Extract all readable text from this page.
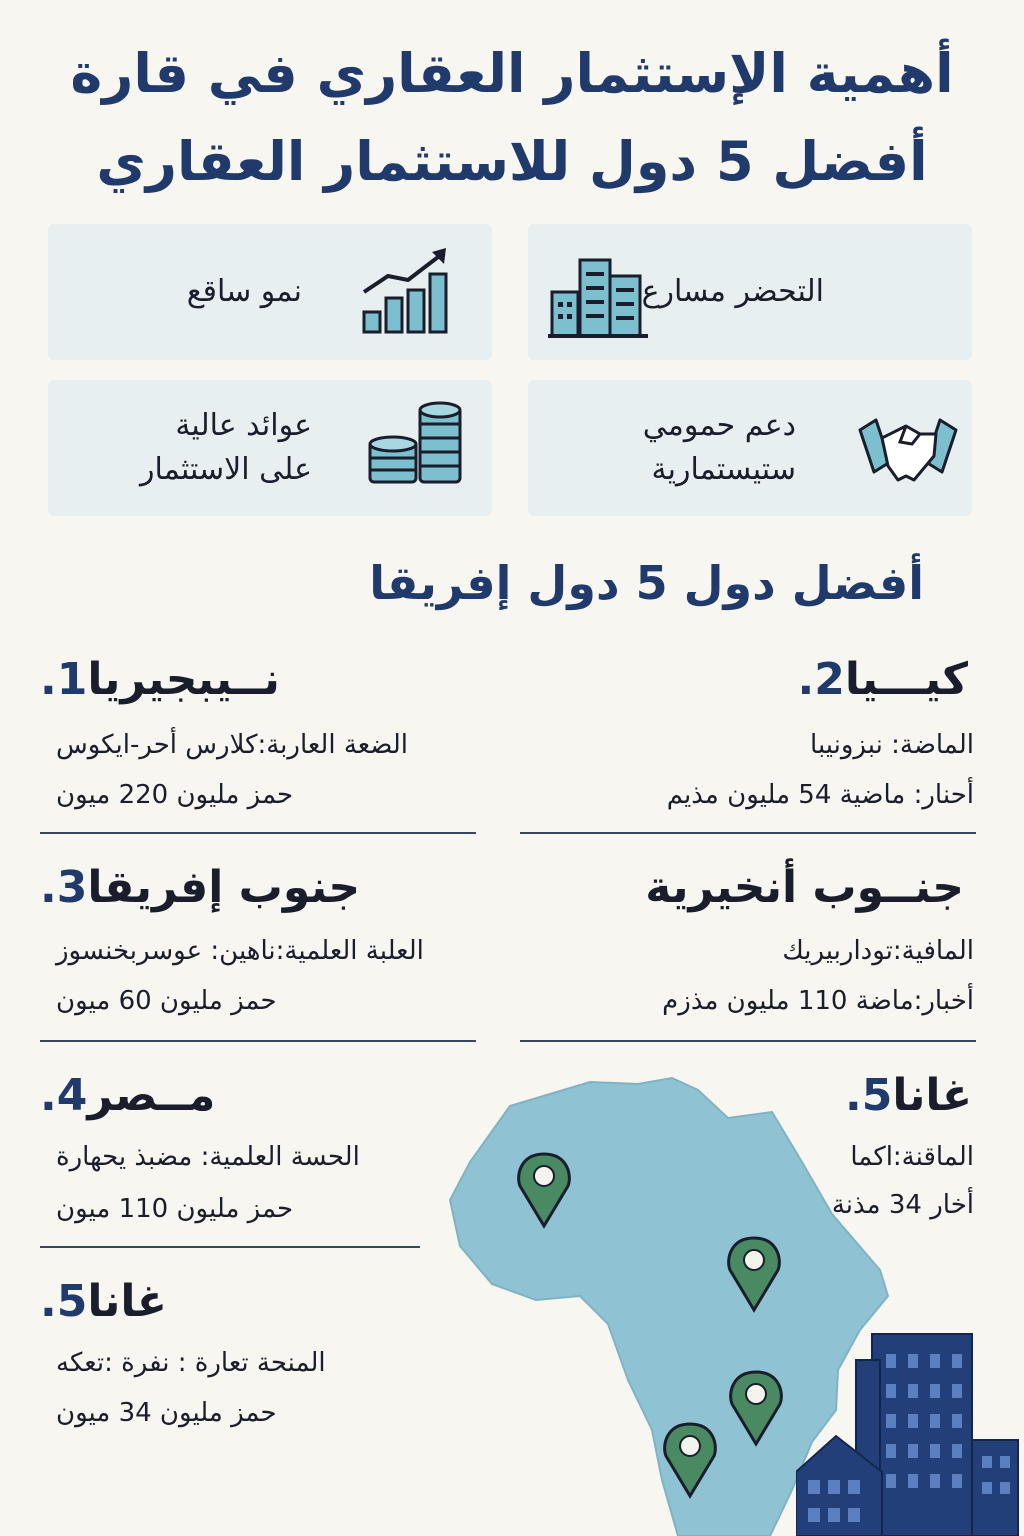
أهمية الإستثمار العقاري في قارة
أفضل 5 دول للاستثمار العقاري
التحضر مسارع
نمو ساقع
دعم حمومي
ستيستمارية
عوائد عالية
على الاستثمار
أفضل دول 5 دول إفريقا
نــيبجيريا1.
الضعة العاربة:كلارس أحر-ايكوس
حمز مليون 220 ميون
كيـــيا2.
الماضة: نبزونيبا
أحنار: ماضية 54 مليون مذيم
جنوب إفريقا3.
العلبة العلمية:ناهين: عوسربخنسوز
حمز مليون 60 ميون
جنــوب أنخيرية
المافية:توداربيريك
أخبار:ماضة 110 مليون مذزم
مــصر4.
الحسة العلمية: مضبذ يحهارة
حمز مليون 110 ميون
غانا5.
الماقنة:اكما
أخار 34 مذنة
غانا5.
المنحة تعارة : نفرة :تعكه
حمز مليون 34 ميون
